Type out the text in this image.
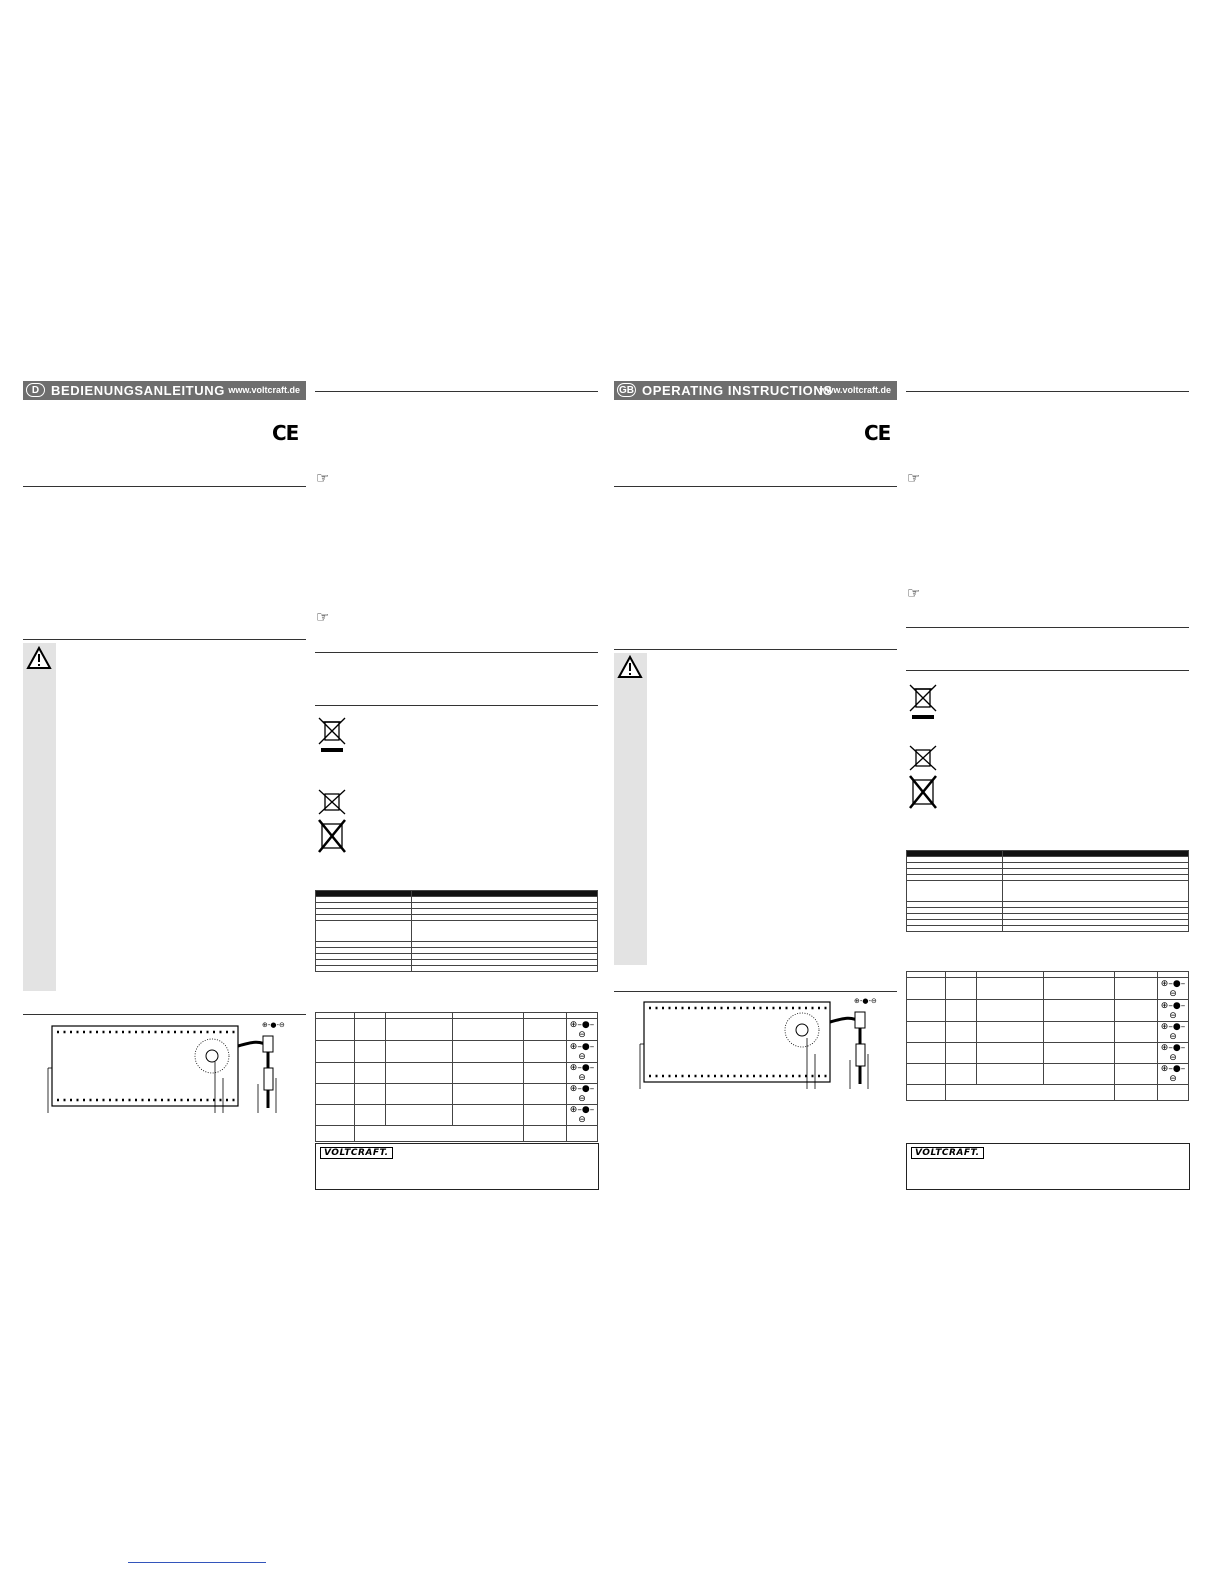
D BEDIENUNGSANLEITUNG www.voltcraft.de
CE
⊕-●-⊖
☞
☞

					⊕–●–⊖
					⊕–●–⊖
					⊕–●–⊖
					⊕–●–⊖
					⊕–●–⊖

VOLTCRAFT.
GB OPERATING INSTRUCTIONS
www.voltcraft.de
CE
⊕-●-⊖
☞
☞

					⊕–●–⊖
					⊕–●–⊖
					⊕–●–⊖
					⊕–●–⊖
					⊕–●–⊖

VOLTCRAFT.
